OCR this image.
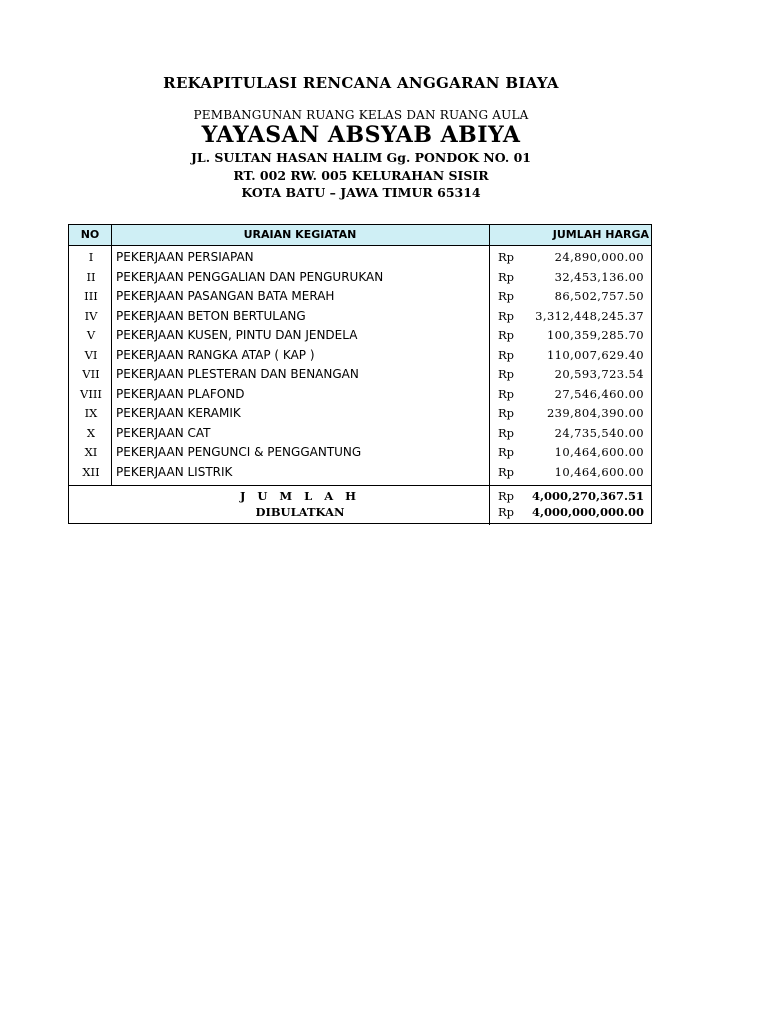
REKAPITULASI RENCANA ANGGARAN BIAYA
PEMBANGUNAN RUANG KELAS DAN RUANG AULA
YAYASAN ABSYAB ABIYA
JL. SULTAN HASAN HALIM Gg. PONDOK NO. 01
RT. 002 RW. 005 KELURAHAN SISIR
KOTA BATU – JAWA TIMUR 65314
NO	URAIAN KEGIATAN	JUMLAH HARGA
I	PEKERJAAN PERSIAPAN	Rp	24,890,000.00
II	PEKERJAAN PENGGALIAN DAN PENGURUKAN	Rp	32,453,136.00
III	PEKERJAAN PASANGAN BATA MERAH	Rp	86,502,757.50
IV	PEKERJAAN BETON BERTULANG	Rp 3,312,448,245.37
V	PEKERJAAN KUSEN, PINTU DAN JENDELA	Rp	100,359,285.70
VI	PEKERJAAN RANGKA ATAP ( KAP )	Rp	110,007,629.40
VII	PEKERJAAN PLESTERAN DAN BENANGAN	Rp	20,593,723.54
VIII	PEKERJAAN PLAFOND	Rp	27,546,460.00
IX	PEKERJAAN KERAMIK	Rp	239,804,390.00
X	PEKERJAAN CAT	Rp	24,735,540.00
XI	PEKERJAAN PENGUNCI & PENGGANTUNG	Rp	10,464,600.00
XII	PEKERJAAN LISTRIK	Rp	10,464,600.00
J U M L A H	Rp 4,000,270,367.51
DIBULATKAN	Rp 4,000,000,000.00
